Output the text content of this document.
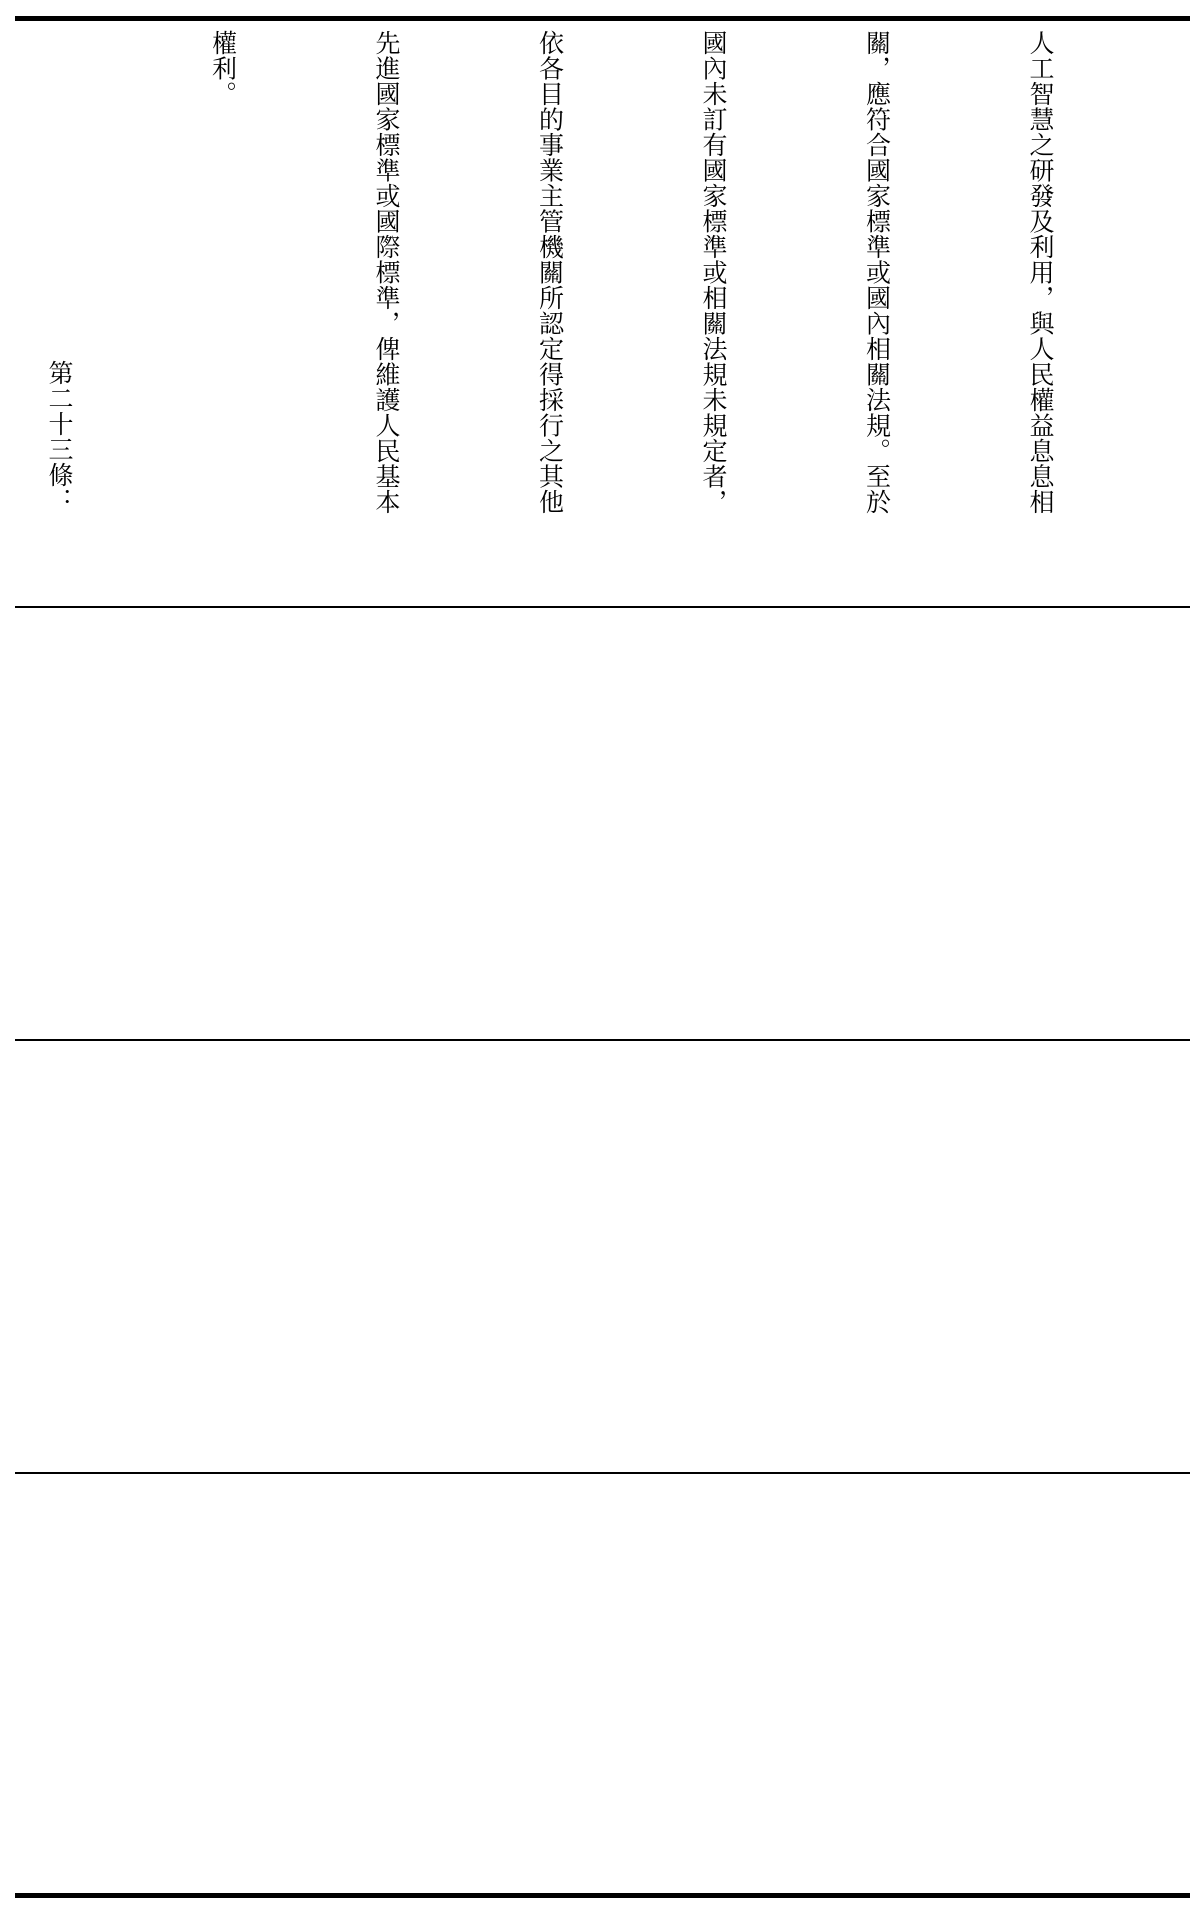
人工智慧之研發及利用，與人民權益息息相

關，應符合國家標準或國內相關法規。至於

國內未訂有國家標準或相關法規未規定者，

依各目的事業主管機關所認定得採行之其他

先進國家標準或國際標準，俾維護人民基本

權利。

第二十三條：
